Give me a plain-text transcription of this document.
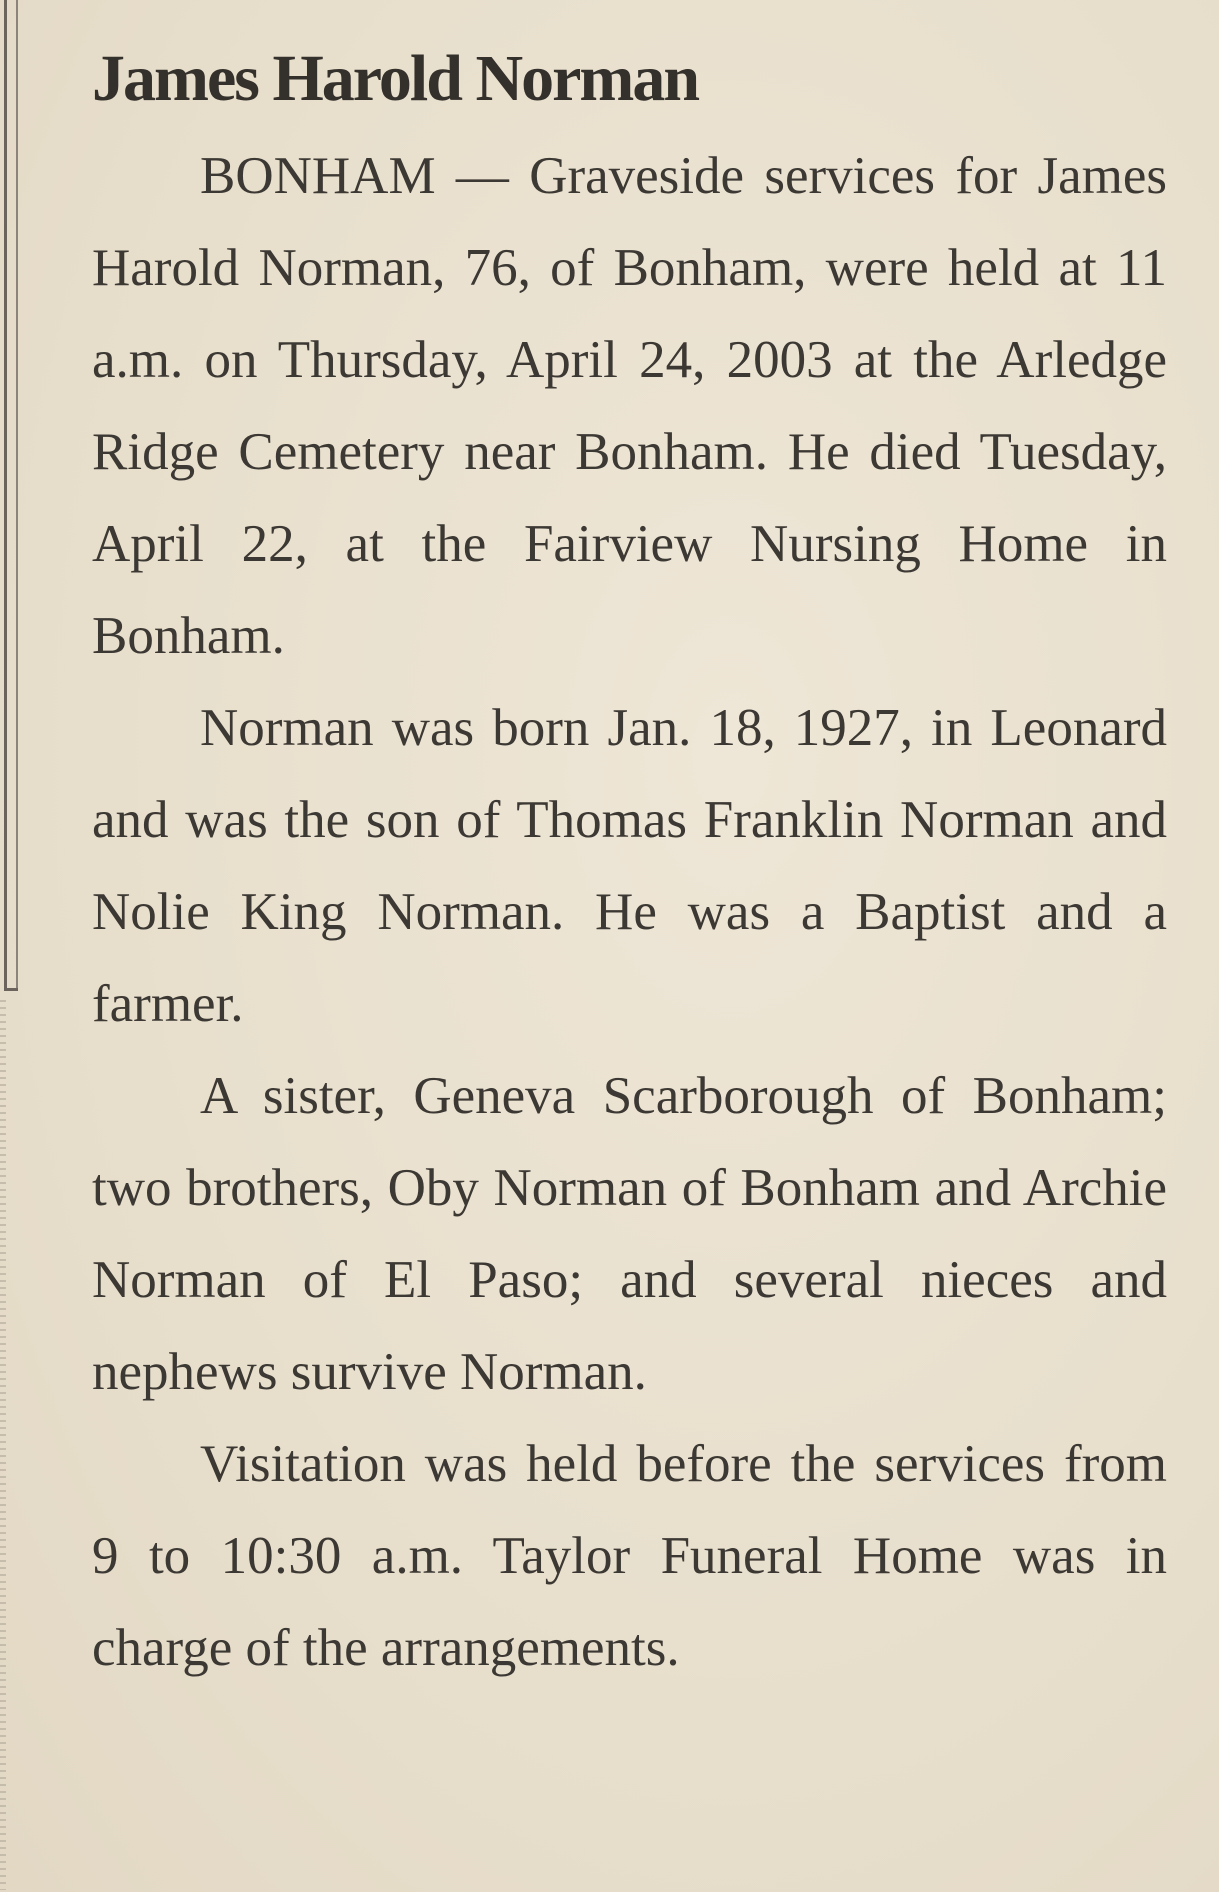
James Harold Norman

BONHAM — Graveside services for James Harold Norman, 76, of Bonham, were held at 11 a.m. on Thursday, April 24, 2003 at the Arledge Ridge Cemetery near Bonham. He died Tuesday, April 22, at the Fairview Nursing Home in Bonham.

Norman was born Jan. 18, 1927, in Leonard and was the son of Thomas Franklin Norman and Nolie King Norman. He was a Baptist and a farmer.

A sister, Geneva Scarborough of Bonham; two brothers, Oby Norman of Bonham and Archie Norman of El Paso; and several nieces and nephews survive Norman.

Visitation was held before the services from 9 to 10:30 a.m. Taylor Funeral Home was in charge of the arrangements.
